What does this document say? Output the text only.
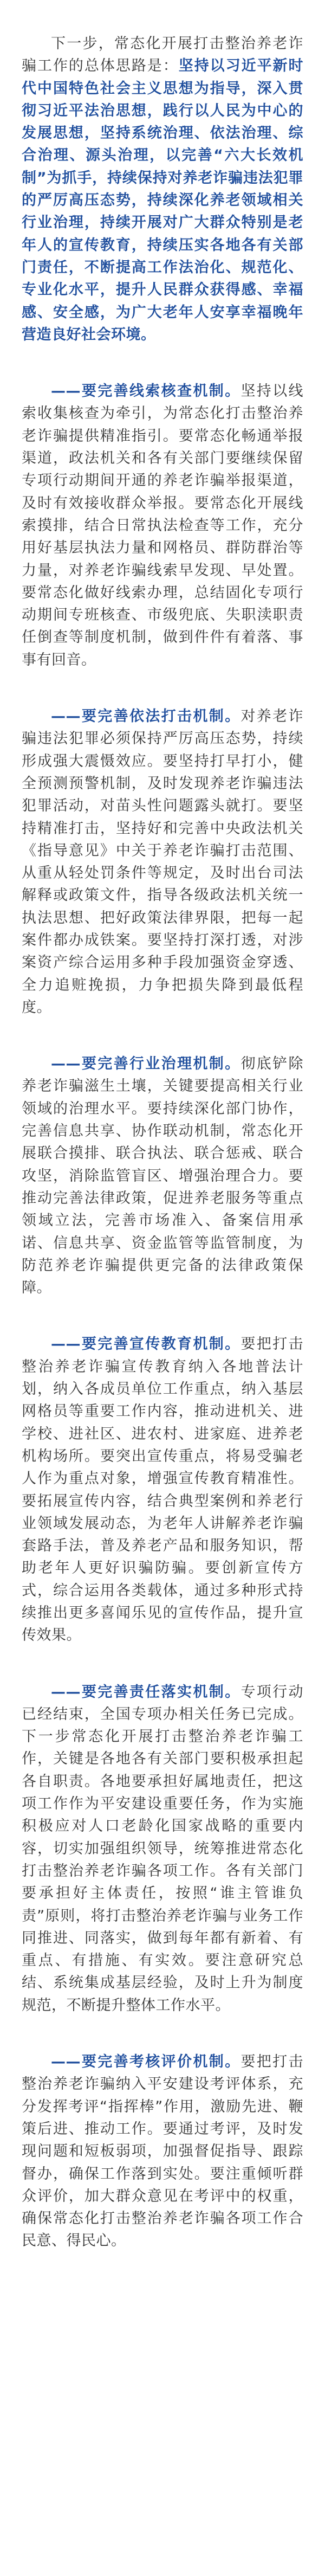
下一步，常态化开展打击整治养老诈骗工作的总体思路是：坚持以习近平新时代中国特色社会主义思想为指导，深入贯彻习近平法治思想，践行以人民为中心的发展思想，坚持系统治理、依法治理、综合治理、源头治理，以完善“六大长效机制”为抓手，持续保持对养老诈骗违法犯罪的严厉高压态势，持续深化养老领域相关行业治理，持续开展对广大群众特别是老年人的宣传教育，持续压实各地各有关部门责任，不断提高工作法治化、规范化、专业化水平，提升人民群众获得感、幸福感、安全感，为广大老年人安享幸福晚年营造良好社会环境。

——要完善线索核查机制。坚持以线索收集核查为牵引，为常态化打击整治养老诈骗提供精准指引。要常态化畅通举报渠道，政法机关和各有关部门要继续保留专项行动期间开通的养老诈骗举报渠道，及时有效接收群众举报。要常态化开展线索摸排，结合日常执法检查等工作，充分用好基层执法力量和网格员、群防群治等力量，对养老诈骗线索早发现、早处置。要常态化做好线索办理，总结固化专项行动期间专班核查、市级兜底、失职渎职责任倒查等制度机制，做到件件有着落、事事有回音。

——要完善依法打击机制。对养老诈骗违法犯罪必须保持严厉高压态势，持续形成强大震慑效应。要坚持打早打小，健全预测预警机制，及时发现养老诈骗违法犯罪活动，对苗头性问题露头就打。要坚持精准打击，坚持好和完善中央政法机关《指导意见》中关于养老诈骗打击范围、从重从轻处罚条件等规定，及时出台司法解释或政策文件，指导各级政法机关统一执法思想、把好政策法律界限，把每一起案件都办成铁案。要坚持打深打透，对涉案资产综合运用多种手段加强资金穿透、全力追赃挽损，力争把损失降到最低程度。

——要完善行业治理机制。彻底铲除养老诈骗滋生土壤，关键要提高相关行业领域的治理水平。要持续深化部门协作，完善信息共享、协作联动机制，常态化开展联合摸排、联合执法、联合惩戒、联合攻坚，消除监管盲区、增强治理合力。要推动完善法律政策，促进养老服务等重点领域立法，完善市场准入、备案信用承诺、信息共享、资金监管等监管制度，为防范养老诈骗提供更完备的法律政策保障。

——要完善宣传教育机制。要把打击整治养老诈骗宣传教育纳入各地普法计划，纳入各成员单位工作重点，纳入基层网格员等重要工作内容，推动进机关、进学校、进社区、进农村、进家庭、进养老机构场所。要突出宣传重点，将易受骗老人作为重点对象，增强宣传教育精准性。要拓展宣传内容，结合典型案例和养老行业领域发展动态，为老年人讲解养老诈骗套路手法，普及养老产品和服务知识，帮助老年人更好识骗防骗。要创新宣传方式，综合运用各类载体，通过多种形式持续推出更多喜闻乐见的宣传作品，提升宣传效果。

——要完善责任落实机制。专项行动已经结束，全国专项办相关任务已完成。下一步常态化开展打击整治养老诈骗工作，关键是各地各有关部门要积极承担起各自职责。各地要承担好属地责任，把这项工作作为平安建设重要任务，作为实施积极应对人口老龄化国家战略的重要内容，切实加强组织领导，统筹推进常态化打击整治养老诈骗各项工作。各有关部门要承担好主体责任，按照“谁主管谁负责”原则，将打击整治养老诈骗与业务工作同推进、同落实，做到每年都有新着、有重点、有措施、有实效。要注意研究总结、系统集成基层经验，及时上升为制度规范，不断提升整体工作水平。

——要完善考核评价机制。要把打击整治养老诈骗纳入平安建设考评体系，充分发挥考评“指挥棒”作用，激励先进、鞭策后进、推动工作。要通过考评，及时发现问题和短板弱项，加强督促指导、跟踪督办，确保工作落到实处。要注重倾听群众评价，加大群众意见在考评中的权重，确保常态化打击整治养老诈骗各项工作合民意、得民心。
